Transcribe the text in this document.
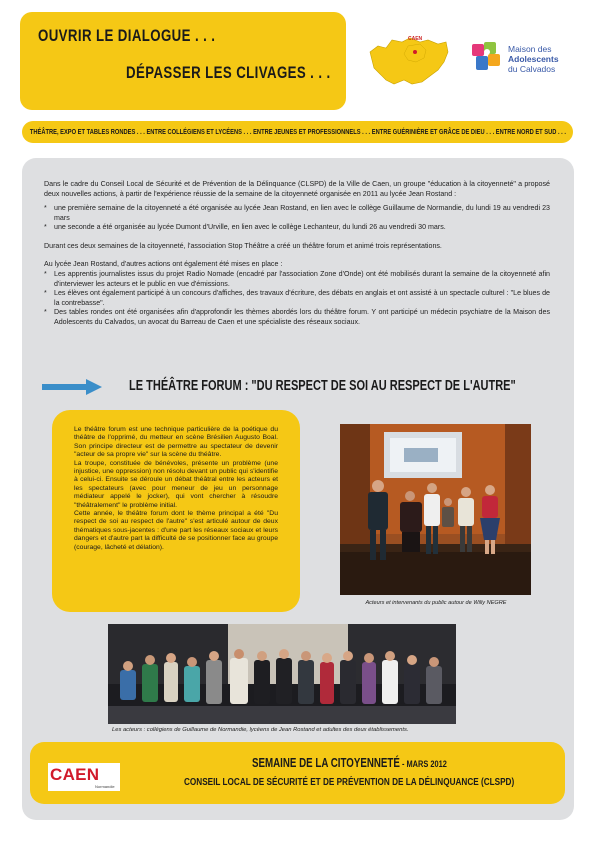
OUVRIR LE DIALOGUE . . .
DÉPASSER LES CLIVAGES . . .
CAEN
Maison des
Adolescents
du Calvados
THÉÂTRE, EXPO ET TABLES RONDES . . . ENTRE COLLÉGIENS ET LYCÉENS . . . ENTRE JEUNES ET PROFESSIONNELS . . . ENTRE GUÉRINIÈRE ET GRÂCE DE DIEU . . . ENTRE NORD ET SUD . . .

Dans le cadre du Conseil Local de Sécurité et de Prévention de la Délinquance (CLSPD) de la Ville de Caen, un groupe "éducation à la citoyenneté" a proposé deux nouvelles actions, à partir de l'expérience réussie de la semaine de la citoyenneté organisée en 2011 au lycée Jean Rostand :

* une première semaine de la citoyenneté a été organisée au lycée Jean Rostand, en lien avec le collège Guillaume de Normandie, du lundi 19 au vendredi 23 mars
* une seconde a été organisée au lycée Dumont d'Urville, en lien avec le collège Lechanteur, du lundi 26 au vendredi 30 mars.

Durant ces deux semaines de la citoyenneté, l'association Stop Théâtre a créé un théâtre forum et animé trois représentations.

Au lycée Jean Rostand, d'autres actions ont également été mises en place :

* Les apprentis journalistes issus du projet Radio Nomade (encadré par l'association Zone d'Onde) ont été mobilisés durant la semaine de la citoyenneté afin d'interviewer les acteurs et le public en vue d'émissions.
* Les élèves ont également participé à un concours d'affiches, des travaux d'écriture, des débats en anglais et ont assisté à un spectacle culturel : "Le blues de la contrebasse".
* Des tables rondes ont été organisées afin d'approfondir les thèmes abordés lors du théâtre forum. Y ont participé un médecin psychiatre de la Maison des Adolescents du Calvados, un avocat du Barreau de Caen et une spécialiste des réseaux sociaux.
LE THÉÂTRE FORUM : "DU RESPECT DE SOI AU RESPECT DE L'AUTRE"

Le théâtre forum est une technique particulière de la poétique du théâtre de l'opprimé, du metteur en scène Brésilien Augusto Boal. Son principe directeur est de permettre au spectateur de devenir "acteur de sa propre vie" sur la scène du théâtre.

La troupe, constituée de bénévoles, présente un problème (une injustice, une oppression) non résolu devant un public qui s'identifie à celui-ci. Ensuite se déroule un débat théâtral entre les acteurs et les spectateurs (avec pour meneur de jeu un personnage médiateur appelé le jocker), qui vont chercher à résoudre "théâtralement" le problème initial.

Cette année, le théâtre forum dont le thème principal a été "Du respect de soi au respect de l'autre" s'est articulé autour de deux thématiques sous-jacentes : d'une part les réseaux sociaux et leurs dangers et d'autre part la difficulté de se positionner face au groupe (courage, lâcheté et délation).

Acteurs et intervenants du public autour de Willy NEGRE
Les acteurs : collégiens de Guillaume de Normandie, lycéens de Jean Rostand et adultes des deux établissements.
CAEN
Normandie
SEMAINE DE LA CITOYENNETÉ - MARS 2012
CONSEIL LOCAL DE SÉCURITÉ ET DE PRÉVENTION DE LA DÉLINQUANCE (CLSPD)
